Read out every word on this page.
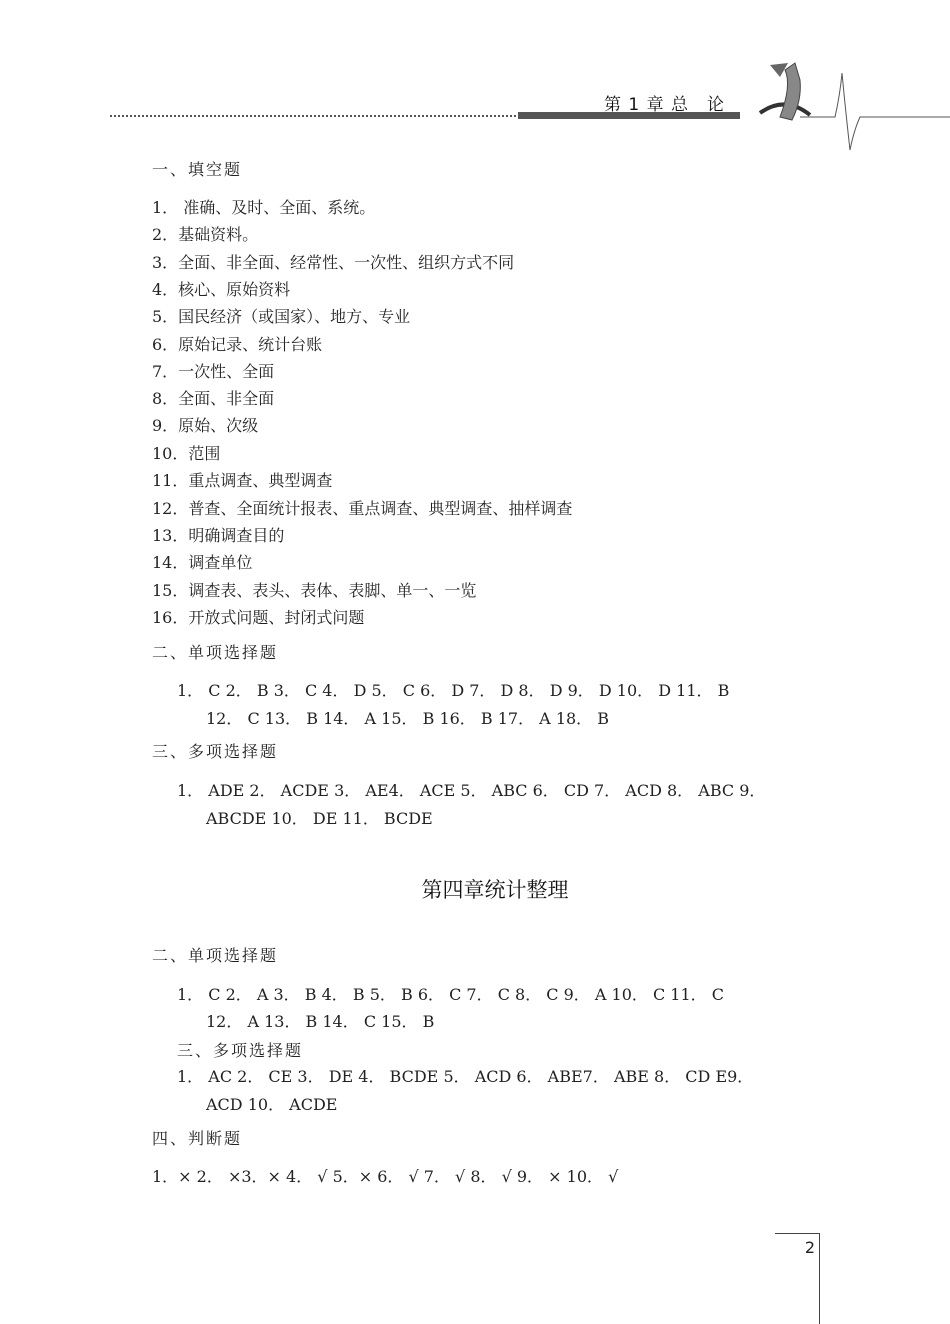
第 1 章 总　论
一、填空题
1． 准确、及时、全面、系统。
2．基础资料。
3．全面、非全面、经常性、一次性、组织方式不同
4．核心、原始资料
5．国民经济（或国家）、地方、专业
6．原始记录、统计台账
7．一次性、全面
8．全面、非全面
9．原始、次级
10．范围
11．重点调查、典型调查
12．普查、全面统计报表、重点调查、典型调查、抽样调查
13．明确调查目的
14．调查单位
15．调查表、表头、表体、表脚、单一、一览
16．开放式问题、封闭式问题
二、单项选择题
1． C 2． B 3． C 4． D 5． C 6． D 7． D 8． D 9． D 10． D 11． B
12． C 13． B 14． A 15． B 16． B 17． A 18． B
三、多项选择题
1． ADE 2． ACDE 3． AE4． ACE 5． ABC 6． CD 7． ACD 8． ABC 9．
ABCDE 10． DE 11． BCDE
第四章统计整理
二、单项选择题
1． C 2． A 3． B 4． B 5． B 6． C 7． C 8． C 9． A 10． C 11． C
12． A 13． B 14． C 15． B
三、多项选择题
1． AC 2． CE 3． DE 4． BCDE 5． ACD 6． ABE7． ABE 8． CD E9．
ACD 10． ACDE
四、判断题
1．× 2． ×3．× 4． √ 5．× 6． √ 7． √ 8． √ 9． × 10． √
2
